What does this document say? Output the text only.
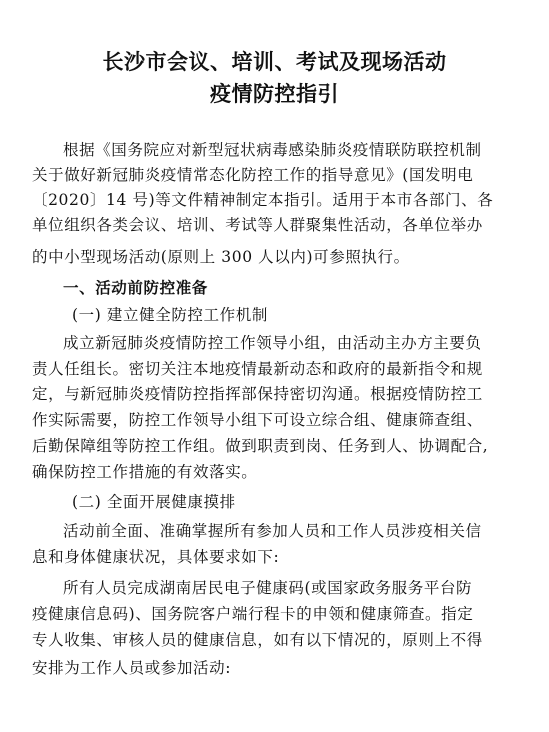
长沙市会议、培训、考试及现场活动
疫情防控指引
根据《国务院应对新型冠状病毒感染肺炎疫情联防联控机制
关于做好新冠肺炎疫情常态化防控工作的指导意见》(国发明电
〔2020〕14 号)等文件精神制定本指引。适用于本市各部门、各
单位组织各类会议、培训、考试等人群聚集性活动，各单位举办
的中小型现场活动(原则上 300 人以内)可参照执行。
一、活动前防控准备
(一) 建立健全防控工作机制
成立新冠肺炎疫情防控工作领导小组，由活动主办方主要负
责人任组长。密切关注本地疫情最新动态和政府的最新指令和规
定，与新冠肺炎疫情防控指挥部保持密切沟通。根据疫情防控工
作实际需要，防控工作领导小组下可设立综合组、健康筛查组、
后勤保障组等防控工作组。做到职责到岗、任务到人、协调配合,
确保防控工作措施的有效落实。
(二) 全面开展健康摸排
活动前全面、准确掌握所有参加人员和工作人员涉疫相关信
息和身体健康状况，具体要求如下:
所有人员完成湖南居民电子健康码(或国家政务服务平台防
疫健康信息码)、国务院客户端行程卡的申领和健康筛查。指定
专人收集、审核人员的健康信息，如有以下情况的，原则上不得
安排为工作人员或参加活动:
